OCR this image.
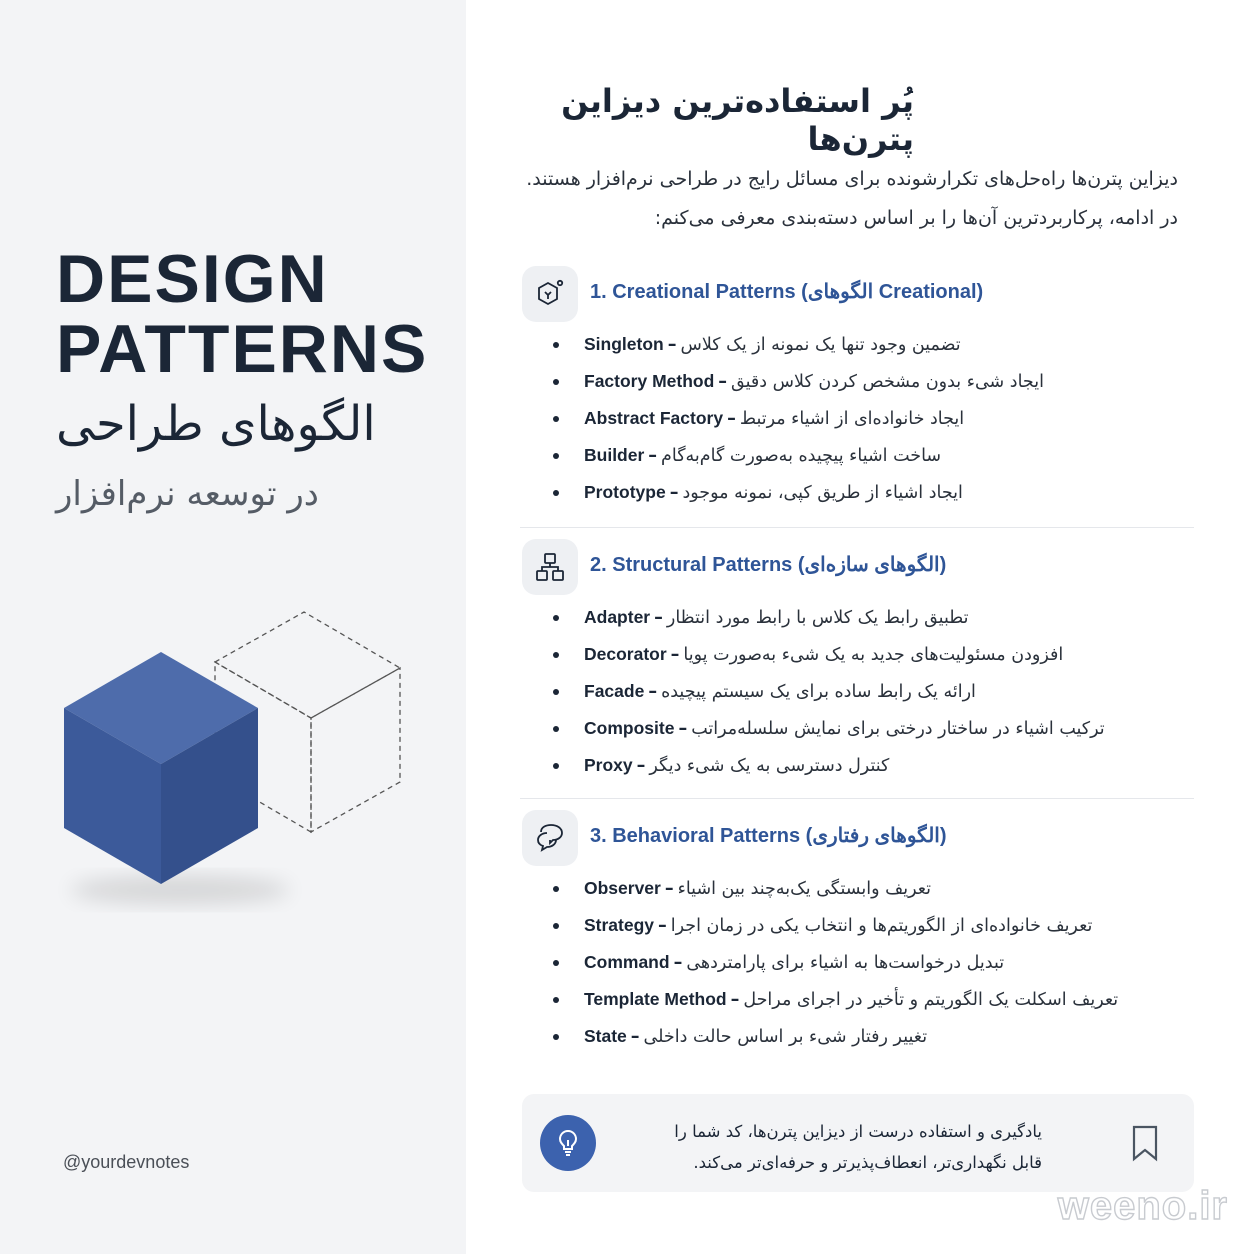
DESIGN
PATTERNS
الگوهای طراحی
در توسعه نرم‌افزار
@yourdevnotes
پُر استفاده‌ترین دیزاین پترن‌ها
دیزاین پترن‌ها راه‌حل‌های تکرارشونده برای مسائل رایج در طراحی نرم‌افزار هستند.
در ادامه، پرکاربردترین آن‌ها را بر اساس دسته‌بندی معرفی می‌کنم:
1. Creational Patterns (الگوهای Creational)
Singleton – تضمین وجود تنها یک نمونه از یک کلاس
Factory Method – ایجاد شیء بدون مشخص کردن کلاس دقیق
Abstract Factory – ایجاد خانواده‌ای از اشیاء مرتبط
Builder – ساخت اشیاء پیچیده به‌صورت گام‌به‌گام
Prototype – ایجاد اشیاء از طریق کپی، نمونه موجود
2. Structural Patterns (الگوهای سازه‌ای)
Adapter – تطبیق رابط یک کلاس با رابط مورد انتظار
Decorator – افزودن مسئولیت‌های جدید به یک شیء به‌صورت پویا
Facade – ارائه یک رابط ساده برای یک سیستم پیچیده
Composite – ترکیب اشیاء در ساختار درختی برای نمایش سلسله‌مراتب
Proxy – کنترل دسترسی به یک شیء دیگر
3. Behavioral Patterns (الگوهای رفتاری)
Observer – تعریف وابستگی یک‌به‌چند بین اشیاء
Strategy – تعریف خانواده‌ای از الگوریتم‌ها و انتخاب یکی در زمان اجرا
Command – تبدیل درخواست‌ها به اشیاء برای پارامتردهی
Template Method – تعریف اسکلت یک الگوریتم و تأخیر در اجرای مراحل
State – تغییر رفتار شیء بر اساس حالت داخلی
یادگیری و استفاده درست از دیزاین پترن‌ها، کد شما را
قابل نگهداری‌تر، انعطاف‌پذیرتر و حرفه‌ای‌تر می‌کند.
weeno.ir
